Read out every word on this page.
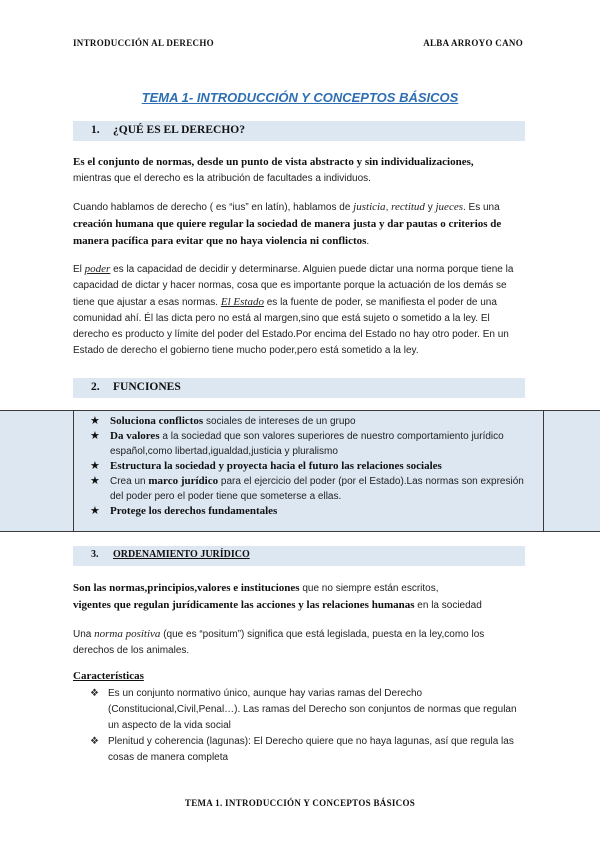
INTRODUCCIÓN AL DERECHO	ALBA ARROYO CANO
TEMA 1- INTRODUCCIÓN Y CONCEPTOS BÁSICOS
1. ¿QUÉ ES EL DERECHO?
Es el conjunto de normas, desde un punto de vista abstracto y sin individualizaciones,
mientras que el derecho es la atribución de facultades a individuos.
Cuando hablamos de derecho ( es “ius” en latín), hablamos de justicia, rectitud y jueces. Es una creación humana que quiere regular la sociedad de manera justa y dar pautas o criterios de manera pacífica para evitar que no haya violencia ni conflictos.
El poder es la capacidad de decidir y determinarse. Alguien puede dictar una norma porque tiene la capacidad de dictar y hacer normas, cosa que es importante porque la actuación de los demás se tiene que ajustar a esas normas. El Estado es la fuente de poder, se manifiesta el poder de una comunidad ahí. Él las dicta pero no está al margen,sino que está sujeto o sometido a la ley. El derecho es producto y límite del poder del Estado.Por encima del Estado no hay otro poder. En un Estado de derecho el gobierno tiene mucho poder,pero está sometido a la ley.
2. FUNCIONES
★ Soluciona conflictos sociales de intereses de un grupo
★ Da valores a la sociedad que son valores superiores de nuestro comportamiento jurídico español,como libertad,igualdad,justicia y pluralismo
★ Estructura la sociedad y proyecta hacia el futuro las relaciones sociales
★ Crea un marco jurídico para el ejercicio del poder (por el Estado).Las normas son expresión del poder pero el poder tiene que someterse a ellas.
★ Protege los derechos fundamentales
3. ORDENAMIENTO JURÍDICO
Son las normas,principios,valores e instituciones que no siempre están escritos,
vigentes que regulan jurídicamente las acciones y las relaciones humanas en la sociedad
Una norma positiva (que es “positum”) significa que está legislada, puesta en la ley,como los derechos de los animales.
Características
❖ Es un conjunto normativo único, aunque hay varias ramas del Derecho (Constitucional,Civil,Penal…). Las ramas del Derecho son conjuntos de normas que regulan un aspecto de la vida social
❖ Plenitud y coherencia (lagunas): El Derecho quiere que no haya lagunas, así que regula las cosas de manera completa
TEMA 1. INTRODUCCIÓN Y CONCEPTOS BÁSICOS
